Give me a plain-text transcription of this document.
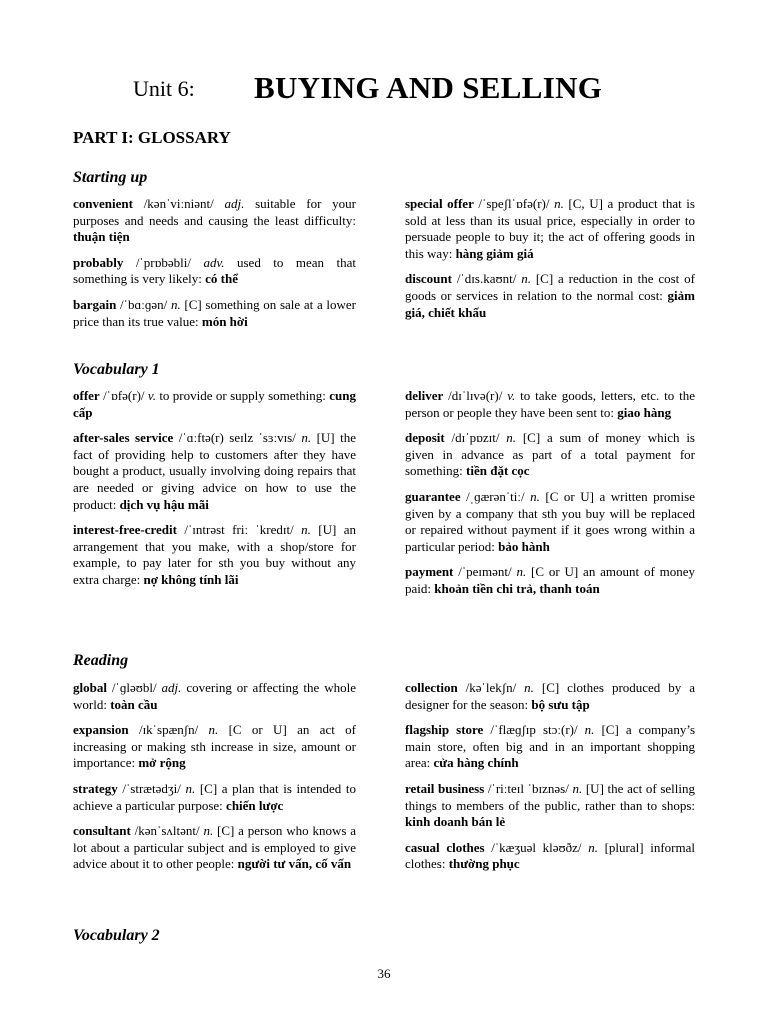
Unit 6: BUYING AND SELLING
PART I: GLOSSARY
Starting up

convenient /kənˈviːniənt/ adj. suitable for your purposes and needs and causing the least difficulty: thuận tiện

probably /ˈprɒbəbli/ adv. used to mean that something is very likely: có thể

bargain /ˈbɑːɡən/ n. [C] something on sale at a lower price than its true value: món hời

special offer /ˈspeʃlˈɒfə(r)/ n. [C, U] a product that is sold at less than its usual price, especially in order to persuade people to buy it; the act of offering goods in this way: hàng giảm giá

discount /ˈdɪs.kaʊnt/ n. [C] a reduction in the cost of goods or services in relation to the normal cost: giảm giá, chiết khấu

Vocabulary 1

offer /ˈɒfə(r)/ v. to provide or supply something: cung cấp

after-sales service /ˈɑːftə(r) seɪlz ˈsɜːvɪs/ n. [U] the fact of providing help to customers after they have bought a product, usually involving doing repairs that are needed or giving advice on how to use the product: dịch vụ hậu mãi

interest-free-credit /ˈɪntrəst friː ˈkredɪt/ n. [U] an arrangement that you make, with a shop/store for example, to pay later for sth you buy without any extra charge: nợ không tính lãi

deliver /dɪˈlɪvə(r)/ v. to take goods, letters, etc. to the person or people they have been sent to: giao hàng

deposit /dɪˈpɒzɪt/ n. [C] a sum of money which is given in advance as part of a total payment for something: tiền đặt cọc

guarantee /ˌɡærənˈtiː/ n. [C or U] a written promise given by a company that sth you buy will be replaced or repaired without payment if it goes wrong within a particular period: bảo hành

payment /ˈpeɪmənt/ n. [C or U] an amount of money paid: khoản tiền chi trả, thanh toán

Reading

global /ˈɡləʊbl/ adj. covering or affecting the whole world: toàn cầu

expansion /ɪkˈspænʃn/ n. [C or U] an act of increasing or making sth increase in size, amount or importance: mở rộng

strategy /ˈstrætədʒi/ n. [C] a plan that is intended to achieve a particular purpose: chiến lược

consultant /kənˈsʌltənt/ n. [C] a person who knows a lot about a particular subject and is employed to give advice about it to other people: người tư vấn, cố vấn

collection /kəˈlekʃn/ n. [C] clothes produced by a designer for the season: bộ sưu tập

flagship store /ˈflæɡʃɪp stɔː(r)/ n. [C] a company’s main store, often big and in an important shopping area: cửa hàng chính

retail business /ˈriːteɪl ˈbɪznəs/ n. [U] the act of selling things to members of the public, rather than to shops: kinh doanh bán lẻ

casual clothes /ˈkæʒuəl kləʊðz/ n. [plural] informal clothes: thường phục

Vocabulary 2
36
